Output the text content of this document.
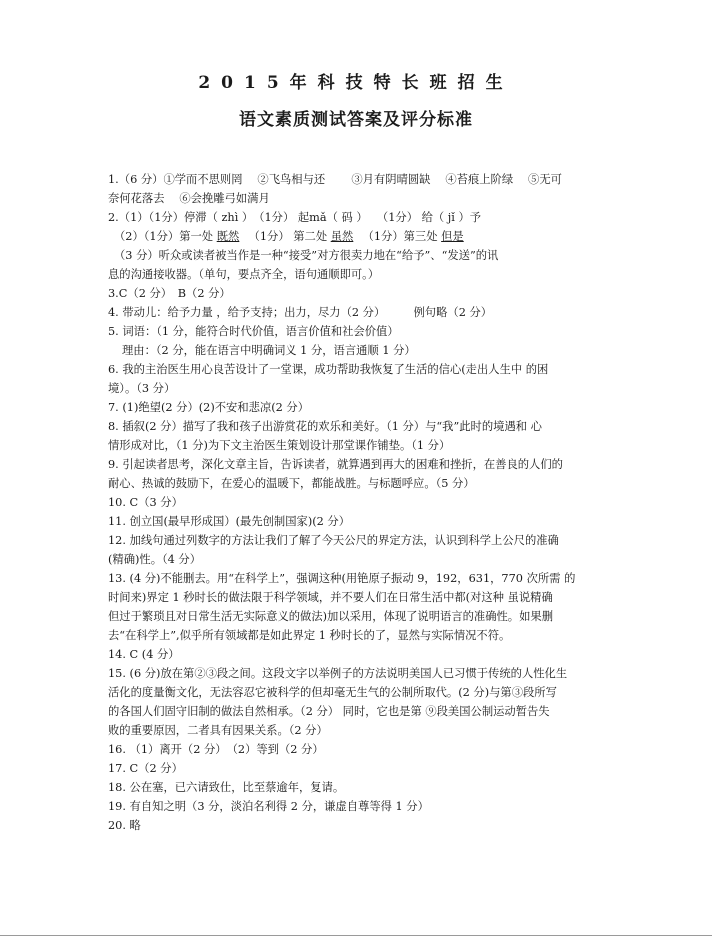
2015年科技特长班招生
语文素质测试答案及评分标准
1.（6 分）①学而不思则罔　 ②飞鸟相与还　　 ③月有阴晴圆缺　 ④苔痕上阶绿　 ⑤无可
奈何花落去　 ⑥会挽雕弓如满月
2.（1）（1分）停滞（ zhì ）　（1分） 起mǎ（ 码 ）　 （1分） 给（ jǐ ）予
（2）（1分）第一处 既然 　（1分） 第二处 虽然 　（1分）第三处 但是
（3 分）听众或读者被当作是一种“接受”对方很卖力地在“给予”、“发送”的讯
息的沟通接收器。（单句，要点齐全，语句通顺即可。）
3.C（2 分）　B（2 分）
4. 带动儿：给予力量 ，给予支持；出力，尽力（2 分）　　　例句略（2 分）
5. 词语：（1 分，能符合时代价值，语言价值和社会价值）
理由：（2 分，能在语言中明确词义 1 分，语言通顺 1 分）
6. 我的主治医生用心良苦设计了一堂课，成功帮助我恢复了生活的信心(走出人生中 的困
境）。（3 分）
7. (1)绝望(2 分）(2)不安和悲凉(2 分）
8. 插叙(2 分）描写了我和孩子出游赏花的欢乐和美好。（1 分）与“我”此时的境遇和 心
情形成对比，（1 分)为下文主治医生策划设计那堂课作铺垫。（1 分）
9. 引起读者思考，深化文章主旨，告诉读者，就算遇到再大的困难和挫折，在善良的人们的
耐心、热诚的鼓励下，在爱心的温暖下，都能战胜。与标题呼应。（5 分）
10. C（3 分）
11. 创立国(最早形成国）(最先创制国家)(2 分）
12. 加线句通过列数字的方法让我们了解了今天公尺的界定方法，认识到科学上公尺的准确
(精确)性。（4 分）
13. (4 分)不能删去。用“在科学上”，强调这种(用铯原子振动 9，192，631，770 次所需 的
时间来)界定 1 秒时长的做法限于科学领域，并不要人们在日常生活中都(对这种 虽说精确
但过于繁琐且对日常生活无实际意义的做法)加以采用，体现了说明语言的准确性。如果删
去“在科学上”,似乎所有领域都是如此界定 1 秒时长的了，显然与实际情况不符。
14. C (4 分）
15. (6 分)放在第②③段之间。这段文字以举例子的方法说明美国人已习惯于传统的人性化生
活化的度量衡文化，无法容忍它被科学的但却毫无生气的公制所取代。(2 分)与第③段所写
的各国人们固守旧制的做法自然相承。（2 分） 同时，它也是第 ⑨段美国公制运动暂告失
败的重要原因，二者具有因果关系。（2 分）
16. （1）离开（2 分）　（2）等到（2 分）
17. C（2 分）
18. 公在塞，已六请致仕，比至蔡逾年，复请。
19. 有自知之明（3 分，淡泊名利得 2 分，谦虚自尊等得 1 分）
20. 略
